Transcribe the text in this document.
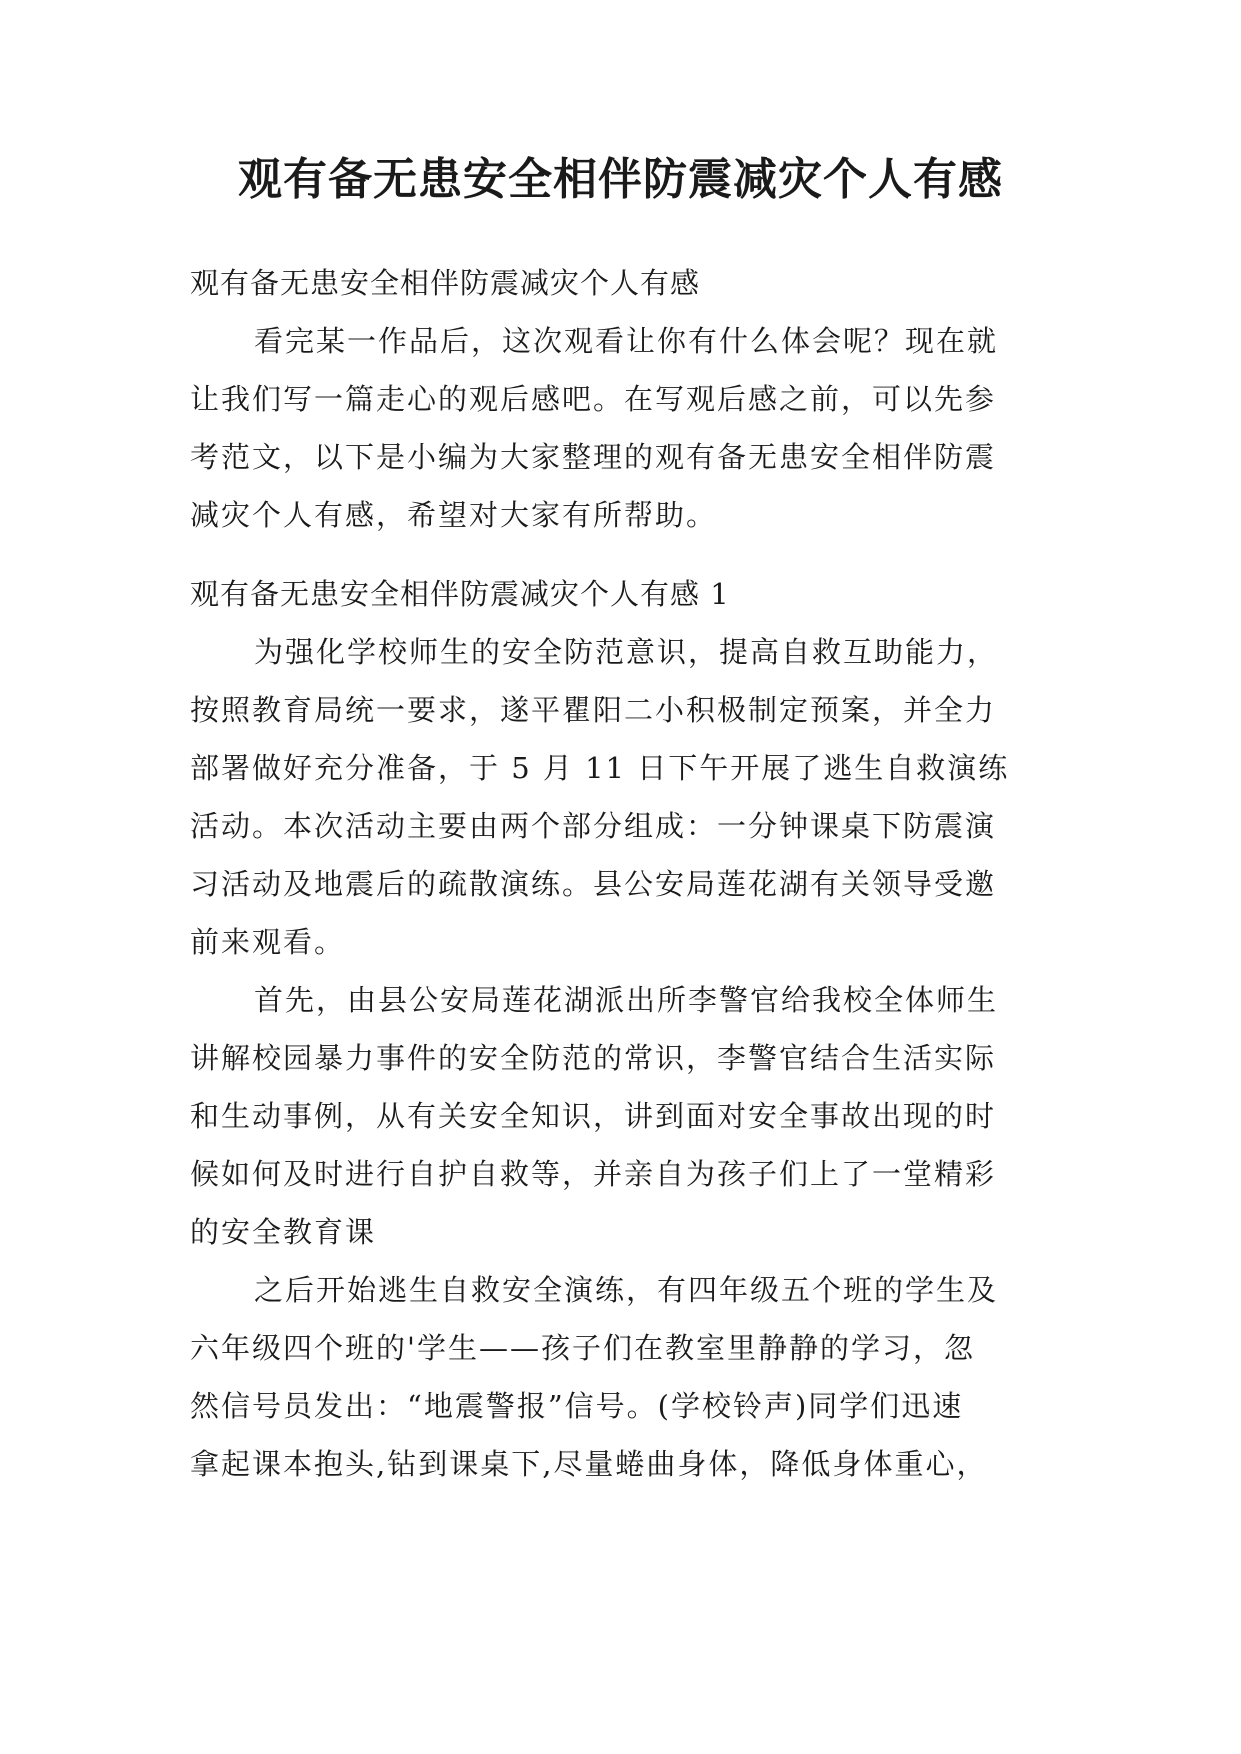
观有备无患安全相伴防震减灾个人有感

观有备无患安全相伴防震减灾个人有感

看完某一作品后，这次观看让你有什么体会呢？现在就
让我们写一篇走心的观后感吧。在写观后感之前，可以先参
考范文，以下是小编为大家整理的观有备无患安全相伴防震
减灾个人有感，希望对大家有所帮助。

观有备无患安全相伴防震减灾个人有感 1

为强化学校师生的安全防范意识，提高自救互助能力，
按照教育局统一要求，遂平瞿阳二小积极制定预案，并全力
部署做好充分准备，于 5 月 11 日下午开展了逃生自救演练
活动。本次活动主要由两个部分组成：一分钟课桌下防震演
习活动及地震后的疏散演练。县公安局莲花湖有关领导受邀
前来观看。
首先，由县公安局莲花湖派出所李警官给我校全体师生
讲解校园暴力事件的安全防范的常识，李警官结合生活实际
和生动事例，从有关安全知识，讲到面对安全事故出现的时
候如何及时进行自护自救等，并亲自为孩子们上了一堂精彩
的安全教育课
之后开始逃生自救安全演练，有四年级五个班的学生及
六年级四个班的'学生——孩子们在教室里静静的学习，忽
然信号员发出：“地震警报”信号。(学校铃声)同学们迅速
拿起课本抱头,钻到课桌下,尽量蜷曲身体，降低身体重心，
